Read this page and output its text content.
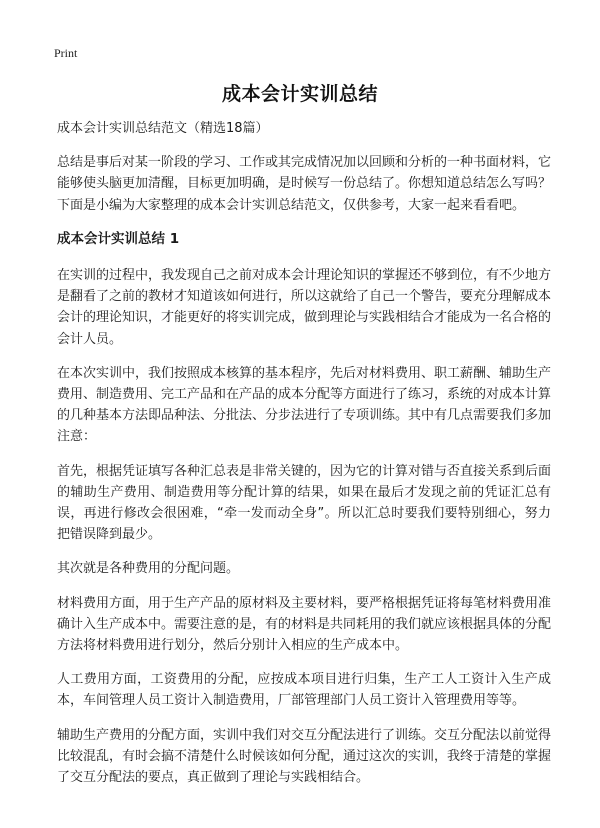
Print
成本会计实训总结
成本会计实训总结范文（精选18篇）
总结是事后对某一阶段的学习、工作或其完成情况加以回顾和分析的一种书面材料，它能够使头脑更加清醒，目标更加明确，是时候写一份总结了。你想知道总结怎么写吗？下面是小编为大家整理的成本会计实训总结范文，仅供参考，大家一起来看看吧。
成本会计实训总结 1
在实训的过程中，我发现自己之前对成本会计理论知识的掌握还不够到位，有不少地方是翻看了之前的教材才知道该如何进行，所以这就给了自己一个警告，要充分理解成本会计的理论知识，才能更好的将实训完成，做到理论与实践相结合才能成为一名合格的会计人员。
在本次实训中，我们按照成本核算的基本程序，先后对材料费用、职工薪酬、辅助生产费用、制造费用、完工产品和在产品的成本分配等方面进行了练习，系统的对成本计算的几种基本方法即品种法、分批法、分步法进行了专项训练。其中有几点需要我们多加注意：
首先，根据凭证填写各种汇总表是非常关键的，因为它的计算对错与否直接关系到后面的辅助生产费用、制造费用等分配计算的结果，如果在最后才发现之前的凭证汇总有误，再进行修改会很困难，“牵一发而动全身”。所以汇总时要我们要特别细心，努力把错误降到最少。
其次就是各种费用的分配问题。
材料费用方面，用于生产产品的原材料及主要材料，要严格根据凭证将每笔材料费用准确计入生产成本中。需要注意的是，有的材料是共同耗用的我们就应该根据具体的分配方法将材料费用进行划分，然后分别计入相应的生产成本中。
人工费用方面，工资费用的分配，应按成本项目进行归集，生产工人工资计入生产成本，车间管理人员工资计入制造费用，厂部管理部门人员工资计入管理费用等等。
辅助生产费用的分配方面，实训中我们对交互分配法进行了训练。交互分配法以前觉得比较混乱，有时会搞不清楚什么时候该如何分配，通过这次的实训，我终于清楚的掌握了交互分配法的要点，真正做到了理论与实践相结合。
